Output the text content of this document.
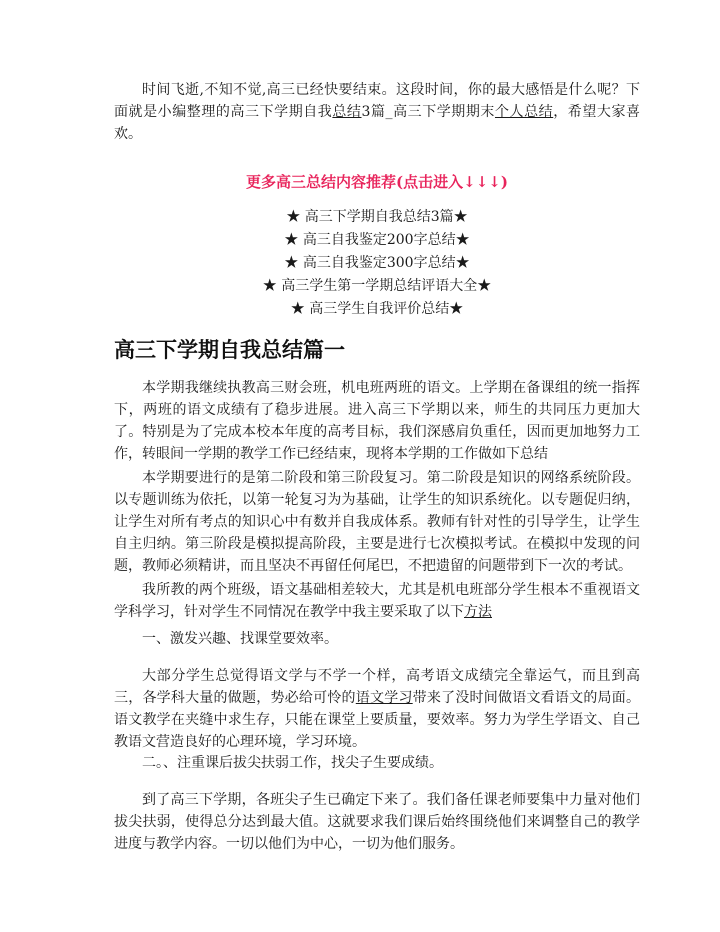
时间飞逝,不知不觉,高三已经快要结束。这段时间，你的最大感悟是什么呢？下面就是小编整理的高三下学期自我总结3篇_高三下学期期末个人总结，希望大家喜欢。

更多高三总结内容推荐(点击进入↓↓↓)

★ 高三下学期自我总结3篇★
★ 高三自我鉴定200字总结★
★ 高三自我鉴定300字总结★
★ 高三学生第一学期总结评语大全★
★ 高三学生自我评价总结★
高三下学期自我总结篇一

本学期我继续执教高三财会班，机电班两班的语文。上学期在备课组的统一指挥下，两班的语文成绩有了稳步进展。进入高三下学期以来，师生的共同压力更加大了。特别是为了完成本校本年度的高考目标，我们深感肩负重任，因而更加地努力工作，转眼间一学期的教学工作已经结束，现将本学期的工作做如下总结

本学期要进行的是第二阶段和第三阶段复习。第二阶段是知识的网络系统阶段。以专题训练为依托，以第一轮复习为为基础，让学生的知识系统化。以专题促归纳，让学生对所有考点的知识心中有数并自我成体系。教师有针对性的引导学生，让学生自主归纳。第三阶段是模拟提高阶段，主要是进行七次模拟考试。在模拟中发现的问题，教师必须精讲，而且坚决不再留任何尾巴，不把遗留的问题带到下一次的考试。

我所教的两个班级，语文基础相差较大，尤其是机电班部分学生根本不重视语文学科学习，针对学生不同情况在教学中我主要采取了以下方法

一、激发兴趣、找课堂要效率。

大部分学生总觉得语文学与不学一个样，高考语文成绩完全靠运气，而且到高三，各学科大量的做题，势必给可怜的语文学习带来了没时间做语文看语文的局面。语文教学在夹缝中求生存，只能在课堂上要质量，要效率。努力为学生学语文、自己教语文营造良好的心理环境，学习环境。

二。、注重课后拔尖扶弱工作，找尖子生要成绩。

到了高三下学期，各班尖子生已确定下来了。我们备任课老师要集中力量对他们拔尖扶弱，使得总分达到最大值。这就要求我们课后始终围绕他们来调整自己的教学进度与教学内容。一切以他们为中心，一切为他们服务。
